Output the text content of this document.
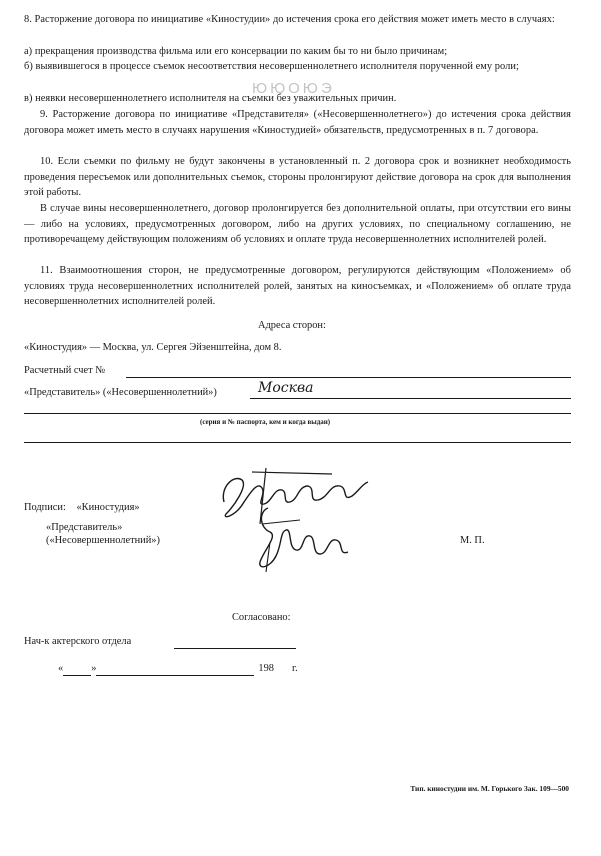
ЮЮОЮЭ
8. Расторжение договора по инициативе «Киностудии» до истечения срока его действия может иметь место в случаях:
а) прекращения производства фильма или его консервации по каким бы то ни было причинам;
б) выявившегося в процессе съемок несоответствия несовершеннолетнего исполнителя порученной ему роли;
в) неявки несовершеннолетнего исполнителя на съемки без уважительных причин.
9. Расторжение договора по инициативе «Представителя» («Несовершеннолетнего») до истечения срока действия договора может иметь место в случаях нарушения «Киностудией» обязательств, предусмотренных в п. 7 договора.
10. Если съемки по фильму не будут закончены в установленный п. 2 договора срок и возникнет необходимость проведения пересъемок или дополнительных съемок, стороны пролонгируют действие договора на срок для выполнения этой работы.
В случае вины несовершеннолетнего, договор пролонгируется без дополнительной оплаты, при отсутствии его вины — либо на условиях, предусмотренных договором, либо на других условиях, по специальному соглашению, не противоречащему действующим положениям об условиях и оплате труда несовершеннолетних исполнителей ролей.
11. Взаимоотношения сторон, не предусмотренные договором, регулируются действующим «Положением» об условиях труда несовершеннолетних исполнителей ролей, занятых на киносъемках, и «Положением» об оплате труда несовершеннолетних исполнителей ролей.
Адреса сторон:
«Киностудия» — Москва, ул. Сергея Эйзенштейна, дом 8.
Расчетный счет №
«Представитель» («Несовершеннолетний»)	Москва
(серия и № паспорта, кем и когда выдан)
Подписи: «Киностудия»
«Представитель»
(«Несовершеннолетний»)	М. П.
Согласовано:
Нач-к актерского отдела
«	»	198 г.
Тип. киностудии им. М. Горького Зак. 109—500
